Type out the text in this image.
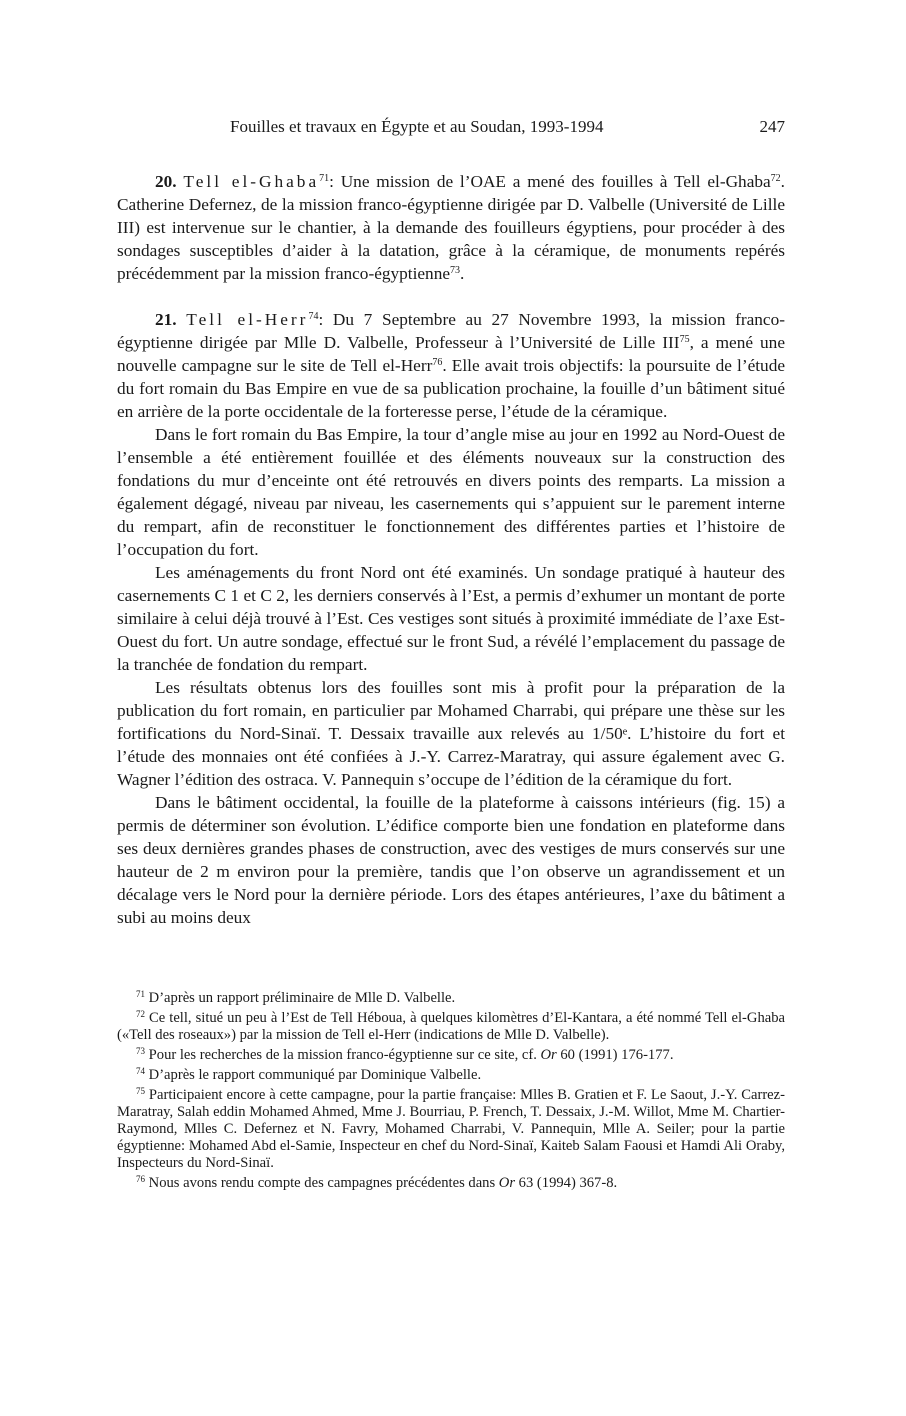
Fouilles et travaux en Égypte et au Soudan, 1993-1994	247

20. Tell el-Ghaba$^{71}$: Une mission de l’OAE a mené des fouilles à Tell el-Ghaba$^{72}$. Catherine Defernez, de la mission franco-égyptienne dirigée par D. Valbelle (Université de Lille III) est intervenue sur le chantier, à la demande des fouilleurs égyptiens, pour procéder à des sondages susceptibles d’aider à la datation, grâce à la céramique, de monuments repérés précédemment par la mission franco-égyptienne$^{73}$.

21. Tell el-Herr$^{74}$: Du 7 Septembre au 27 Novembre 1993, la mission franco-égyptienne dirigée par Mlle D. Valbelle, Professeur à l’Université de Lille III$^{75}$, a mené une nouvelle campagne sur le site de Tell el-Herr$^{76}$. Elle avait trois objectifs: la poursuite de l’étude du fort romain du Bas Empire en vue de sa publication prochaine, la fouille d’un bâtiment situé en arrière de la porte occidentale de la forteresse perse, l’étude de la céramique.

Dans le fort romain du Bas Empire, la tour d’angle mise au jour en 1992 au Nord-Ouest de l’ensemble a été entièrement fouillée et des éléments nouveaux sur la construction des fondations du mur d’enceinte ont été retrouvés en divers points des remparts. La mission a également dégagé, niveau par niveau, les casernements qui s’appuient sur le parement interne du rempart, afin de reconstituer le fonctionnement des différentes parties et l’histoire de l’occupation du fort.

Les aménagements du front Nord ont été examinés. Un sondage pratiqué à hauteur des casernements C 1 et C 2, les derniers conservés à l’Est, a permis d’exhumer un montant de porte similaire à celui déjà trouvé à l’Est. Ces vestiges sont situés à proximité immédiate de l’axe Est-Ouest du fort. Un autre sondage, effectué sur le front Sud, a révélé l’emplacement du passage de la tranchée de fondation du rempart.

Les résultats obtenus lors des fouilles sont mis à profit pour la préparation de la publication du fort romain, en particulier par Mohamed Charrabi, qui prépare une thèse sur les fortifications du Nord-Sinaï. T. Dessaix travaille aux relevés au 1/50ᵉ. L’histoire du fort et l’étude des monnaies ont été confiées à J.-Y. Carrez-Maratray, qui assure également avec G. Wagner l’édition des ostraca. V. Pannequin s’occupe de l’édition de la céramique du fort.

Dans le bâtiment occidental, la fouille de la plateforme à caissons intérieurs (fig. 15) a permis de déterminer son évolution. L’édifice comporte bien une fondation en plateforme dans ses deux dernières grandes phases de construction, avec des vestiges de murs conservés sur une hauteur de 2 m environ pour la première, tandis que l’on observe un agrandissement et un décalage vers le Nord pour la dernière période. Lors des étapes antérieures, l’axe du bâtiment a subi au moins deux

$^{71}$ D’après un rapport préliminaire de Mlle D. Valbelle.

$^{72}$ Ce tell, situé un peu à l’Est de Tell Héboua, à quelques kilomètres d’El-Kantara, a été nommé Tell el-Ghaba («Tell des roseaux») par la mission de Tell el-Herr (indications de Mlle D. Valbelle).

$^{73}$ Pour les recherches de la mission franco-égyptienne sur ce site, cf. Or 60 (1991) 176-177.

$^{74}$ D’après le rapport communiqué par Dominique Valbelle.

$^{75}$ Participaient encore à cette campagne, pour la partie française: Mlles B. Gratien et F. Le Saout, J.-Y. Carrez-Maratray, Salah eddin Mohamed Ahmed, Mme J. Bourriau, P. French, T. Dessaix, J.-M. Willot, Mme M. Chartier-Raymond, Mlles C. Defernez et N. Favry, Mohamed Charrabi, V. Pannequin, Mlle A. Seiler; pour la partie égyptienne: Mohamed Abd el-Samie, Inspecteur en chef du Nord-Sinaï, Kaiteb Salam Faousi et Hamdi Ali Oraby, Inspecteurs du Nord-Sinaï.

$^{76}$ Nous avons rendu compte des campagnes précédentes dans Or 63 (1994) 367-8.
